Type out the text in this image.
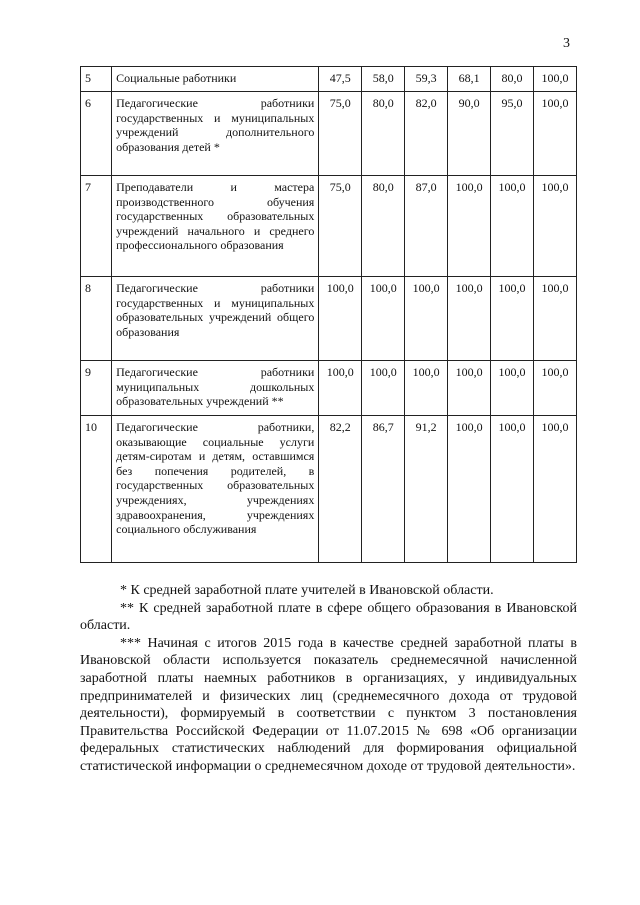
3
5	Социальные работники	47,5	58,0	59,3	68,1	80,0	100,0
6	Педагогические работники государственных и муниципальных учреждений дополнительного образования детей *	75,0	80,0	82,0	90,0	95,0	100,0
7	Преподаватели и мастера производственного обучения государственных образовательных учреждений начального и среднего профессионального образования	75,0	80,0	87,0	100,0	100,0	100,0
8	Педагогические работники государственных и муниципальных образовательных учреждений общего образования	100,0	100,0	100,0	100,0	100,0	100,0
9	Педагогические работники муниципальных дошкольных образовательных учреждений **	100,0	100,0	100,0	100,0	100,0	100,0
10	Педагогические работники, оказывающие социальные услуги детям-сиротам и детям, оставшимся без попечения родителей, в государственных образовательных учреждениях, учреждениях здравоохранения, учреждениях социального обслуживания	82,2	86,7	91,2	100,0	100,0	100,0

* К средней заработной плате учителей в Ивановской области.

** К средней заработной плате в сфере общего образования в Ивановской области.

*** Начиная с итогов 2015 года в качестве средней заработной платы в Ивановской области используется показатель среднемесячной начисленной заработной платы наемных работников в организациях, у индивидуальных предпринимателей и физических лиц (среднемесячного дохода от трудовой деятельности), формируемый в соответствии с пунктом 3 постановления Правительства Российской Федерации от 11.07.2015 № 698 «Об организации федеральных статистических наблюдений для формирования официальной статистической информации о среднемесячном доходе от трудовой деятельности».
